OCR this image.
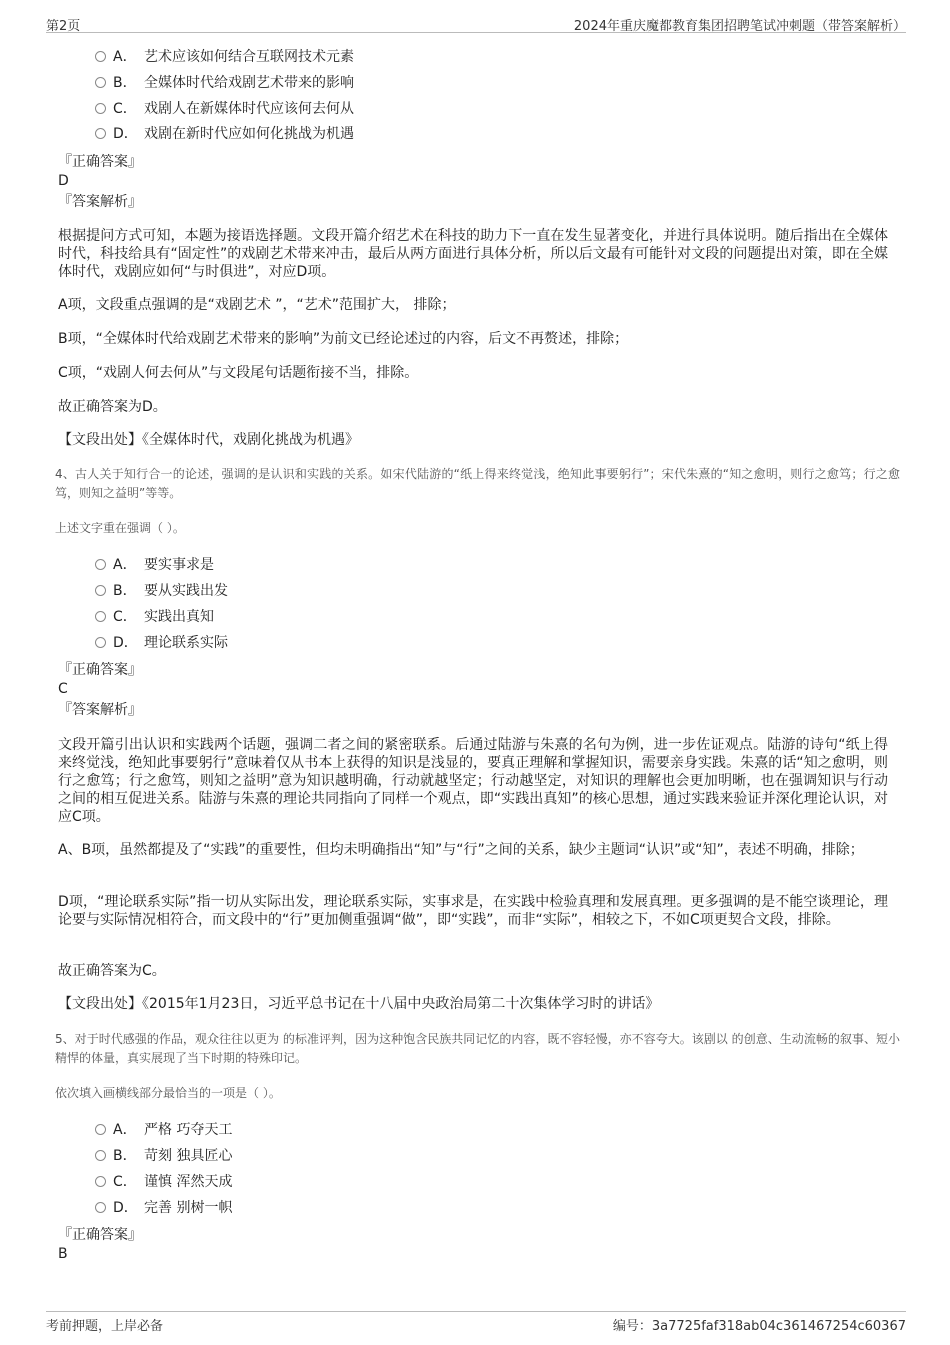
第2页	2024年重庆魔都教育集团招聘笔试冲刺题（带答案解析）
A． 艺术应该如何结合互联网技术元素
B． 全媒体时代给戏剧艺术带来的影响
C． 戏剧人在新媒体时代应该何去何从
D． 戏剧在新时代应如何化挑战为机遇
『正确答案』
D
『答案解析』
根据提问方式可知，本题为接语选择题。文段开篇介绍艺术在科技的助力下一直在发生显著变化，并进行具体说明。随后指出在全媒体时代，科技给具有“固定性”的戏剧艺术带来冲击，最后从两方面进行具体分析，所以后文最有可能针对文段的问题提出对策，即在全媒体时代，戏剧应如何“与时俱进”，对应D项。
A项，文段重点强调的是“戏剧艺术 ”，“艺术”范围扩大， 排除；
B项，“全媒体时代给戏剧艺术带来的影响”为前文已经论述过的内容，后文不再赘述，排除；
C项，“戏剧人何去何从”与文段尾句话题衔接不当，排除。
故正确答案为D。
【文段出处】《全媒体时代，戏剧化挑战为机遇》
4、古人关于知行合一的论述，强调的是认识和实践的关系。如宋代陆游的“纸上得来终觉浅，绝知此事要躬行”；宋代朱熹的“知之愈明，则行之愈笃；行之愈笃，则知之益明”等等。
上述文字重在强调（ ）。
A． 要实事求是
B． 要从实践出发
C． 实践出真知
D． 理论联系实际
『正确答案』
C
『答案解析』
文段开篇引出认识和实践两个话题，强调二者之间的紧密联系。后通过陆游与朱熹的名句为例，进一步佐证观点。陆游的诗句“纸上得来终觉浅，绝知此事要躬行”意味着仅从书本上获得的知识是浅显的，要真正理解和掌握知识，需要亲身实践。朱熹的话“知之愈明，则行之愈笃；行之愈笃，则知之益明”意为知识越明确，行动就越坚定；行动越坚定，对知识的理解也会更加明晰，也在强调知识与行动之间的相互促进关系。陆游与朱熹的理论共同指向了同样一个观点，即“实践出真知”的核心思想，通过实践来验证并深化理论认识，对应C项。
A、B项，虽然都提及了“实践”的重要性，但均未明确指出“知”与“行”之间的关系，缺少主题词“认识”或“知”，表述不明确，排除；
D项，“理论联系实际”指一切从实际出发，理论联系实际，实事求是，在实践中检验真理和发展真理。更多强调的是不能空谈理论，理论要与实际情况相符合，而文段中的“行”更加侧重强调“做”，即“实践”，而非“实际”，相较之下，不如C项更契合文段，排除。
故正确答案为C。
【文段出处】《2015年1月23日，习近平总书记在十八届中央政治局第二十次集体学习时的讲话》
5、对于时代感强的作品，观众往往以更为 的标准评判，因为这种饱含民族共同记忆的内容，既不容轻慢，亦不容夸大。该剧以 的创意、生动流畅的叙事、短小精悍的体量，真实展现了当下时期的特殊印记。
依次填入画横线部分最恰当的一项是（ ）。
A． 严格 巧夺天工
B． 苛刻 独具匠心
C． 谨慎 浑然天成
D． 完善 别树一帜
『正确答案』
B
考前押题，上岸必备	编号：3a7725faf318ab04c361467254c60367
